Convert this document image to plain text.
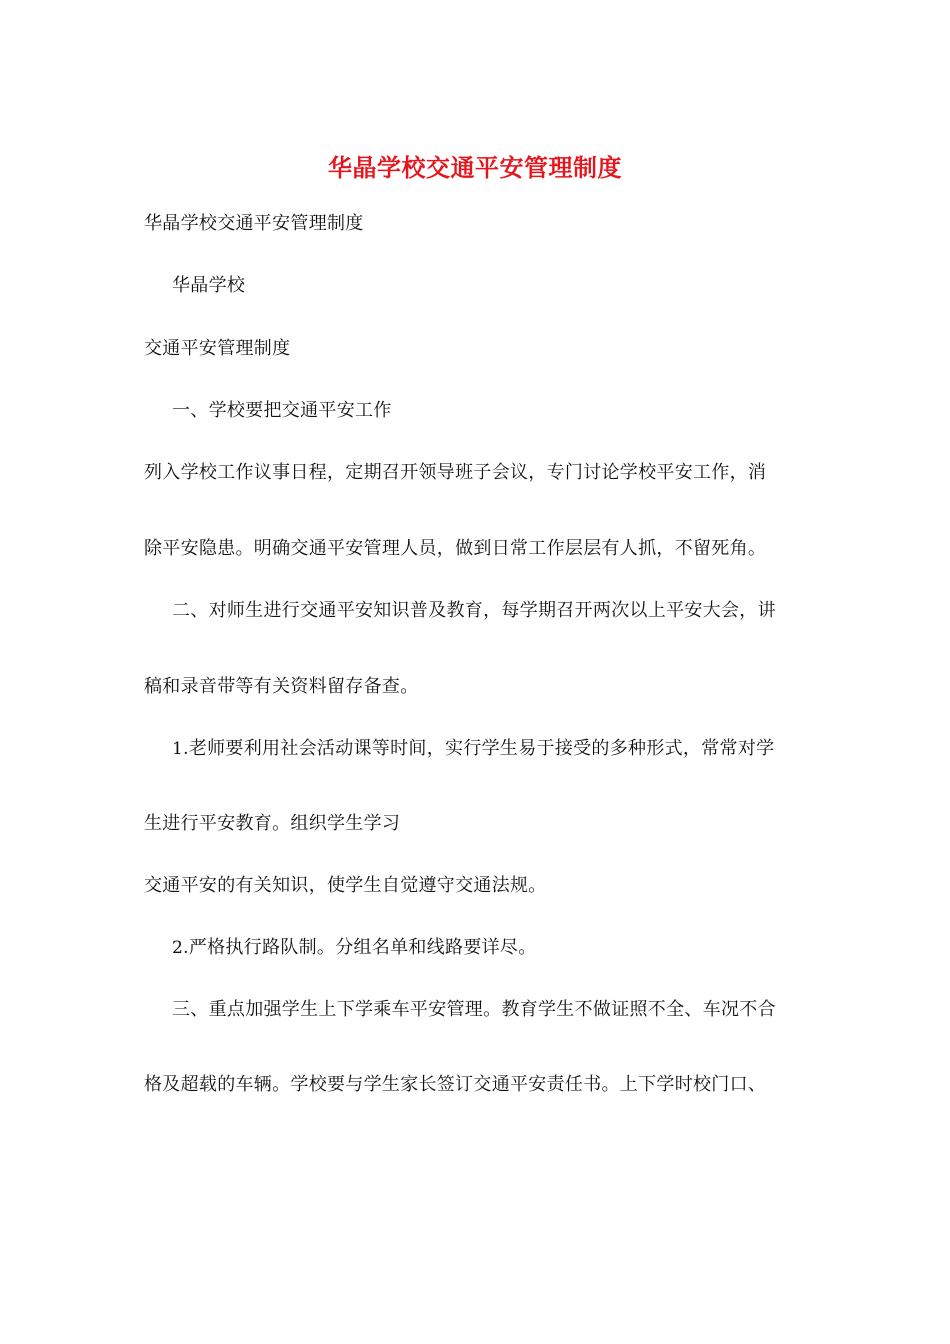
华晶学校交通平安管理制度
华晶学校交通平安管理制度
华晶学校
交通平安管理制度
一、学校要把交通平安工作
列入学校工作议事日程，定期召开领导班子会议，专门讨论学校平安工作，消
除平安隐患。明确交通平安管理人员，做到日常工作层层有人抓，不留死角。
二、对师生进行交通平安知识普及教育，每学期召开两次以上平安大会，讲
稿和录音带等有关资料留存备查。
1.老师要利用社会活动课等时间，实行学生易于接受的多种形式，常常对学
生进行平安教育。组织学生学习
交通平安的有关知识，使学生自觉遵守交通法规。
2.严格执行路队制。分组名单和线路要详尽。
三、重点加强学生上下学乘车平安管理。教育学生不做证照不全、车况不合
格及超载的车辆。学校要与学生家长签订交通平安责任书。上下学时校门口、
